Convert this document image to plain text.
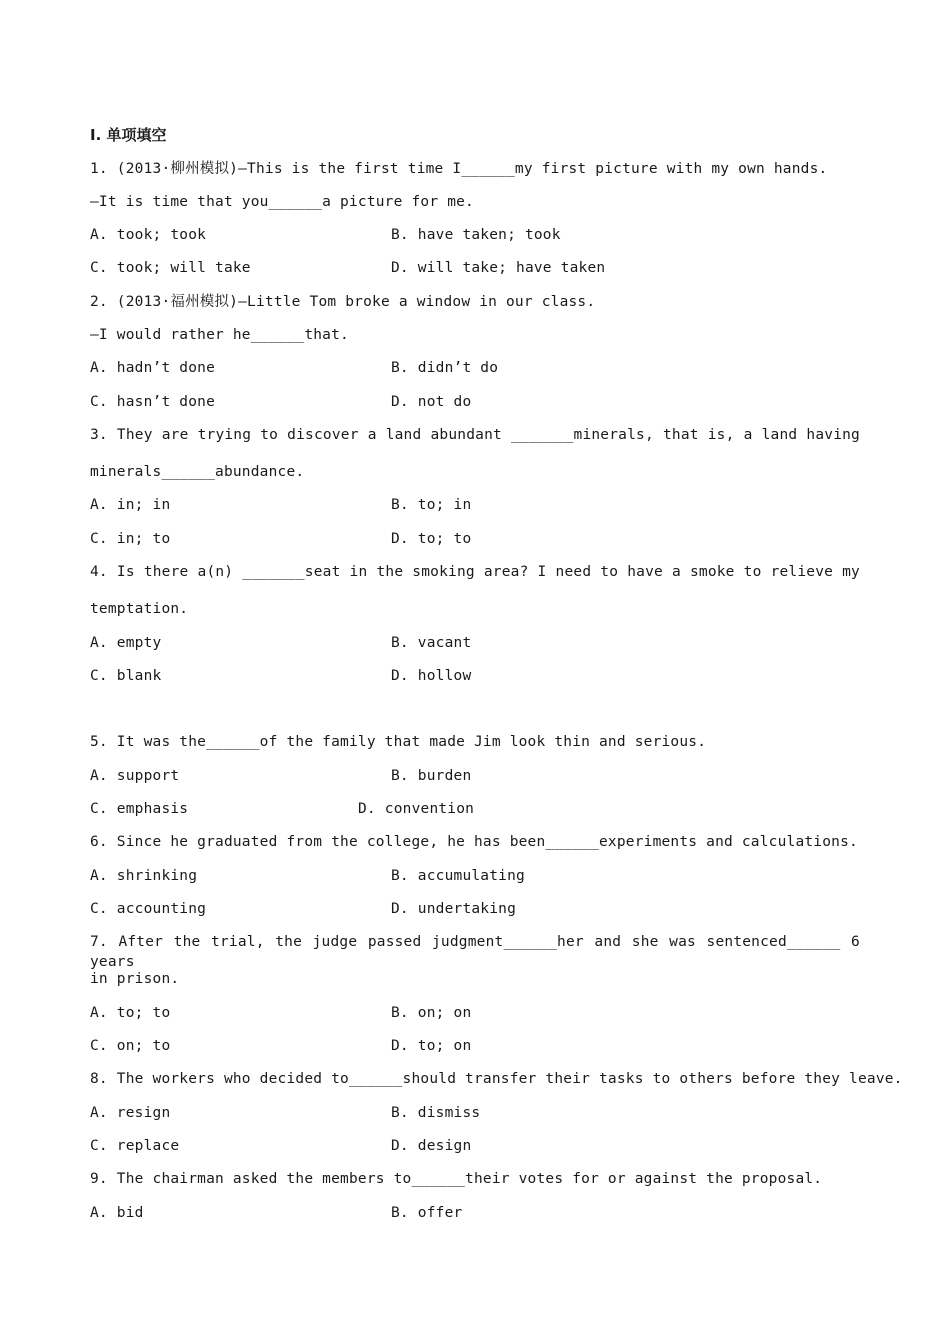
Ⅰ. 单项填空
1. (2013·柳州模拟)—This is the first time I______my first picture with my own hands.
—It is time that you______a picture for me.

A. took; took

	B. have taken; took

C. took; will take

	D. will take; have taken

2. (2013·福州模拟)—Little Tom broke a window in our class.
—I would rather he______that.

A. hadn’t done

	B. didn’t do

C. hasn’t done

	D. not do

3. They are trying to discover a land abundant _______minerals, that is, a land having
minerals______abundance.

A. in; in

	B. to; in

C. in; to

	D. to; to

4. Is there a(n) _______seat in the smoking area? I need to have a smoke to relieve my
temptation.

A. empty

	B. vacant

C. blank

	D. hollow

5. It was the______of the family that made Jim look thin and serious.

A. support

	B. burden

C. emphasis

	D. convention

6. Since he graduated from the college, he has been______experiments and calculations.

A. shrinking

	B. accumulating

C. accounting

	D. undertaking

7. After the trial, the judge passed judgment______her and she was sentenced______ 6 years
in prison.

A. to; to

	B. on; on

C. on; to

	D. to; on

8. The workers who decided to______should transfer their tasks to others before they leave.

A. resign

	B. dismiss

C. replace

	D. design

9. The chairman asked the members to______their votes for or against the proposal.

A. bid

	B. offer
